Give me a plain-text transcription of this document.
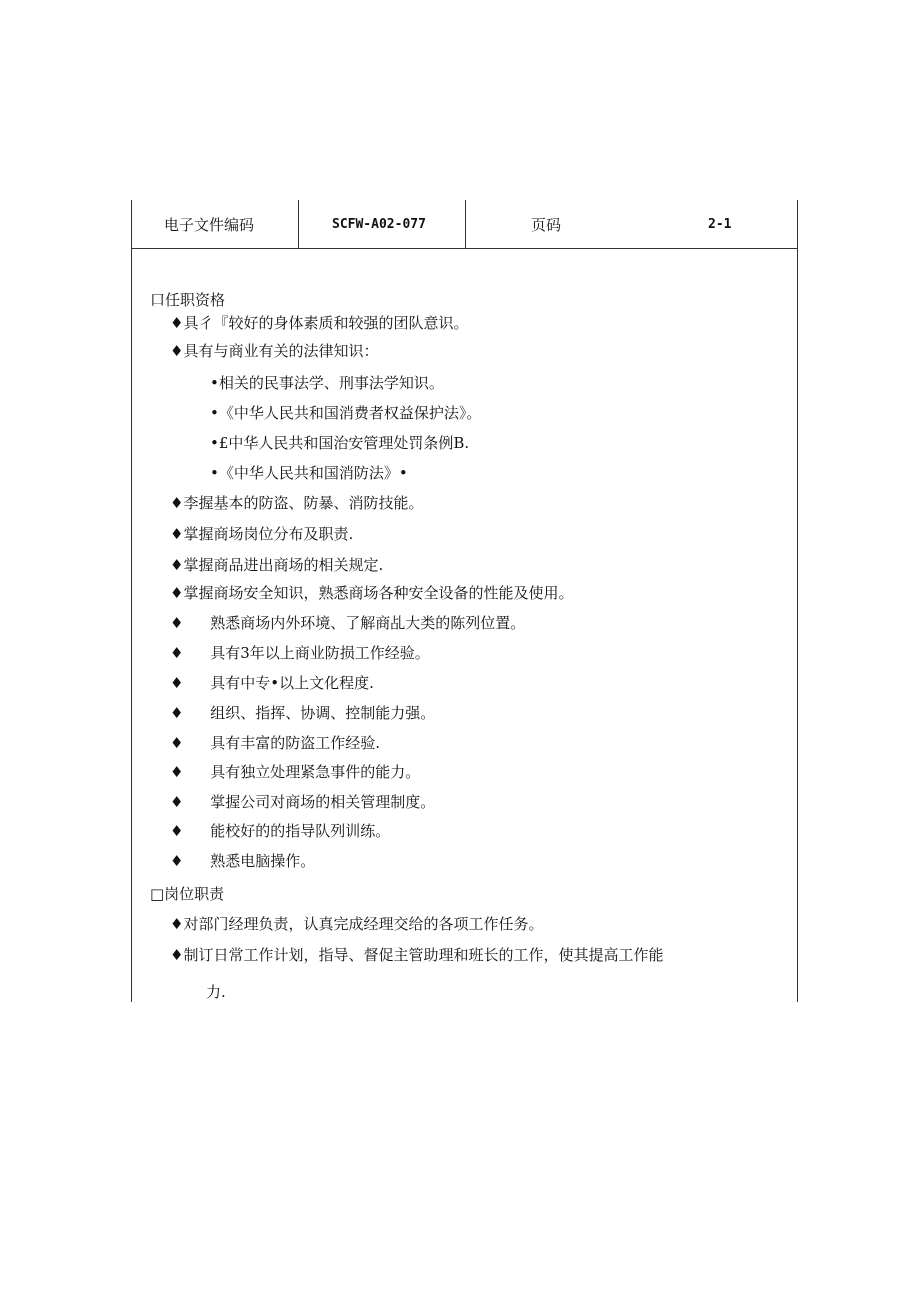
电子文件编码	SCFW-A02-077	页码	2-1
口任职资格
♦具彳『较好的身体素质和较强的团队意识。
♦具有与商业有关的法律知识：
•相关的民事法学、刑事法学知识。
•《中华人民共和国消费者权益保护法》。
•£中华人民共和国治安管理处罚条例B.
•《中华人民共和国消防法》•
♦李握基本的防盗、防暴、消防技能。
♦掌握商场岗位分布及职责.
♦掌握商品进出商场的相关规定.
♦掌握商场安全知识，熟悉商场各种安全设备的性能及使用。
♦ 熟悉商场内外环境、了解商乩大类的陈列位置。
♦ 具有3年以上商业防损工作经验。
♦ 具有中专•以上文化程度.
♦ 组织、指挥、协调、控制能力强。
♦ 具有丰富的防盗工作经验.
♦ 具有独立处理紧急事件的能力。
♦ 掌握公司对商场的相关管理制度。
♦ 能校好的的指导队列训练。
♦ 熟悉电脑操作。
□岗位职责
♦对部门经理负责，认真完成经理交给的各项工作任务。
♦制订日常工作计划，指导、督促主管助理和班长的工作，使其提高工作能
力.
